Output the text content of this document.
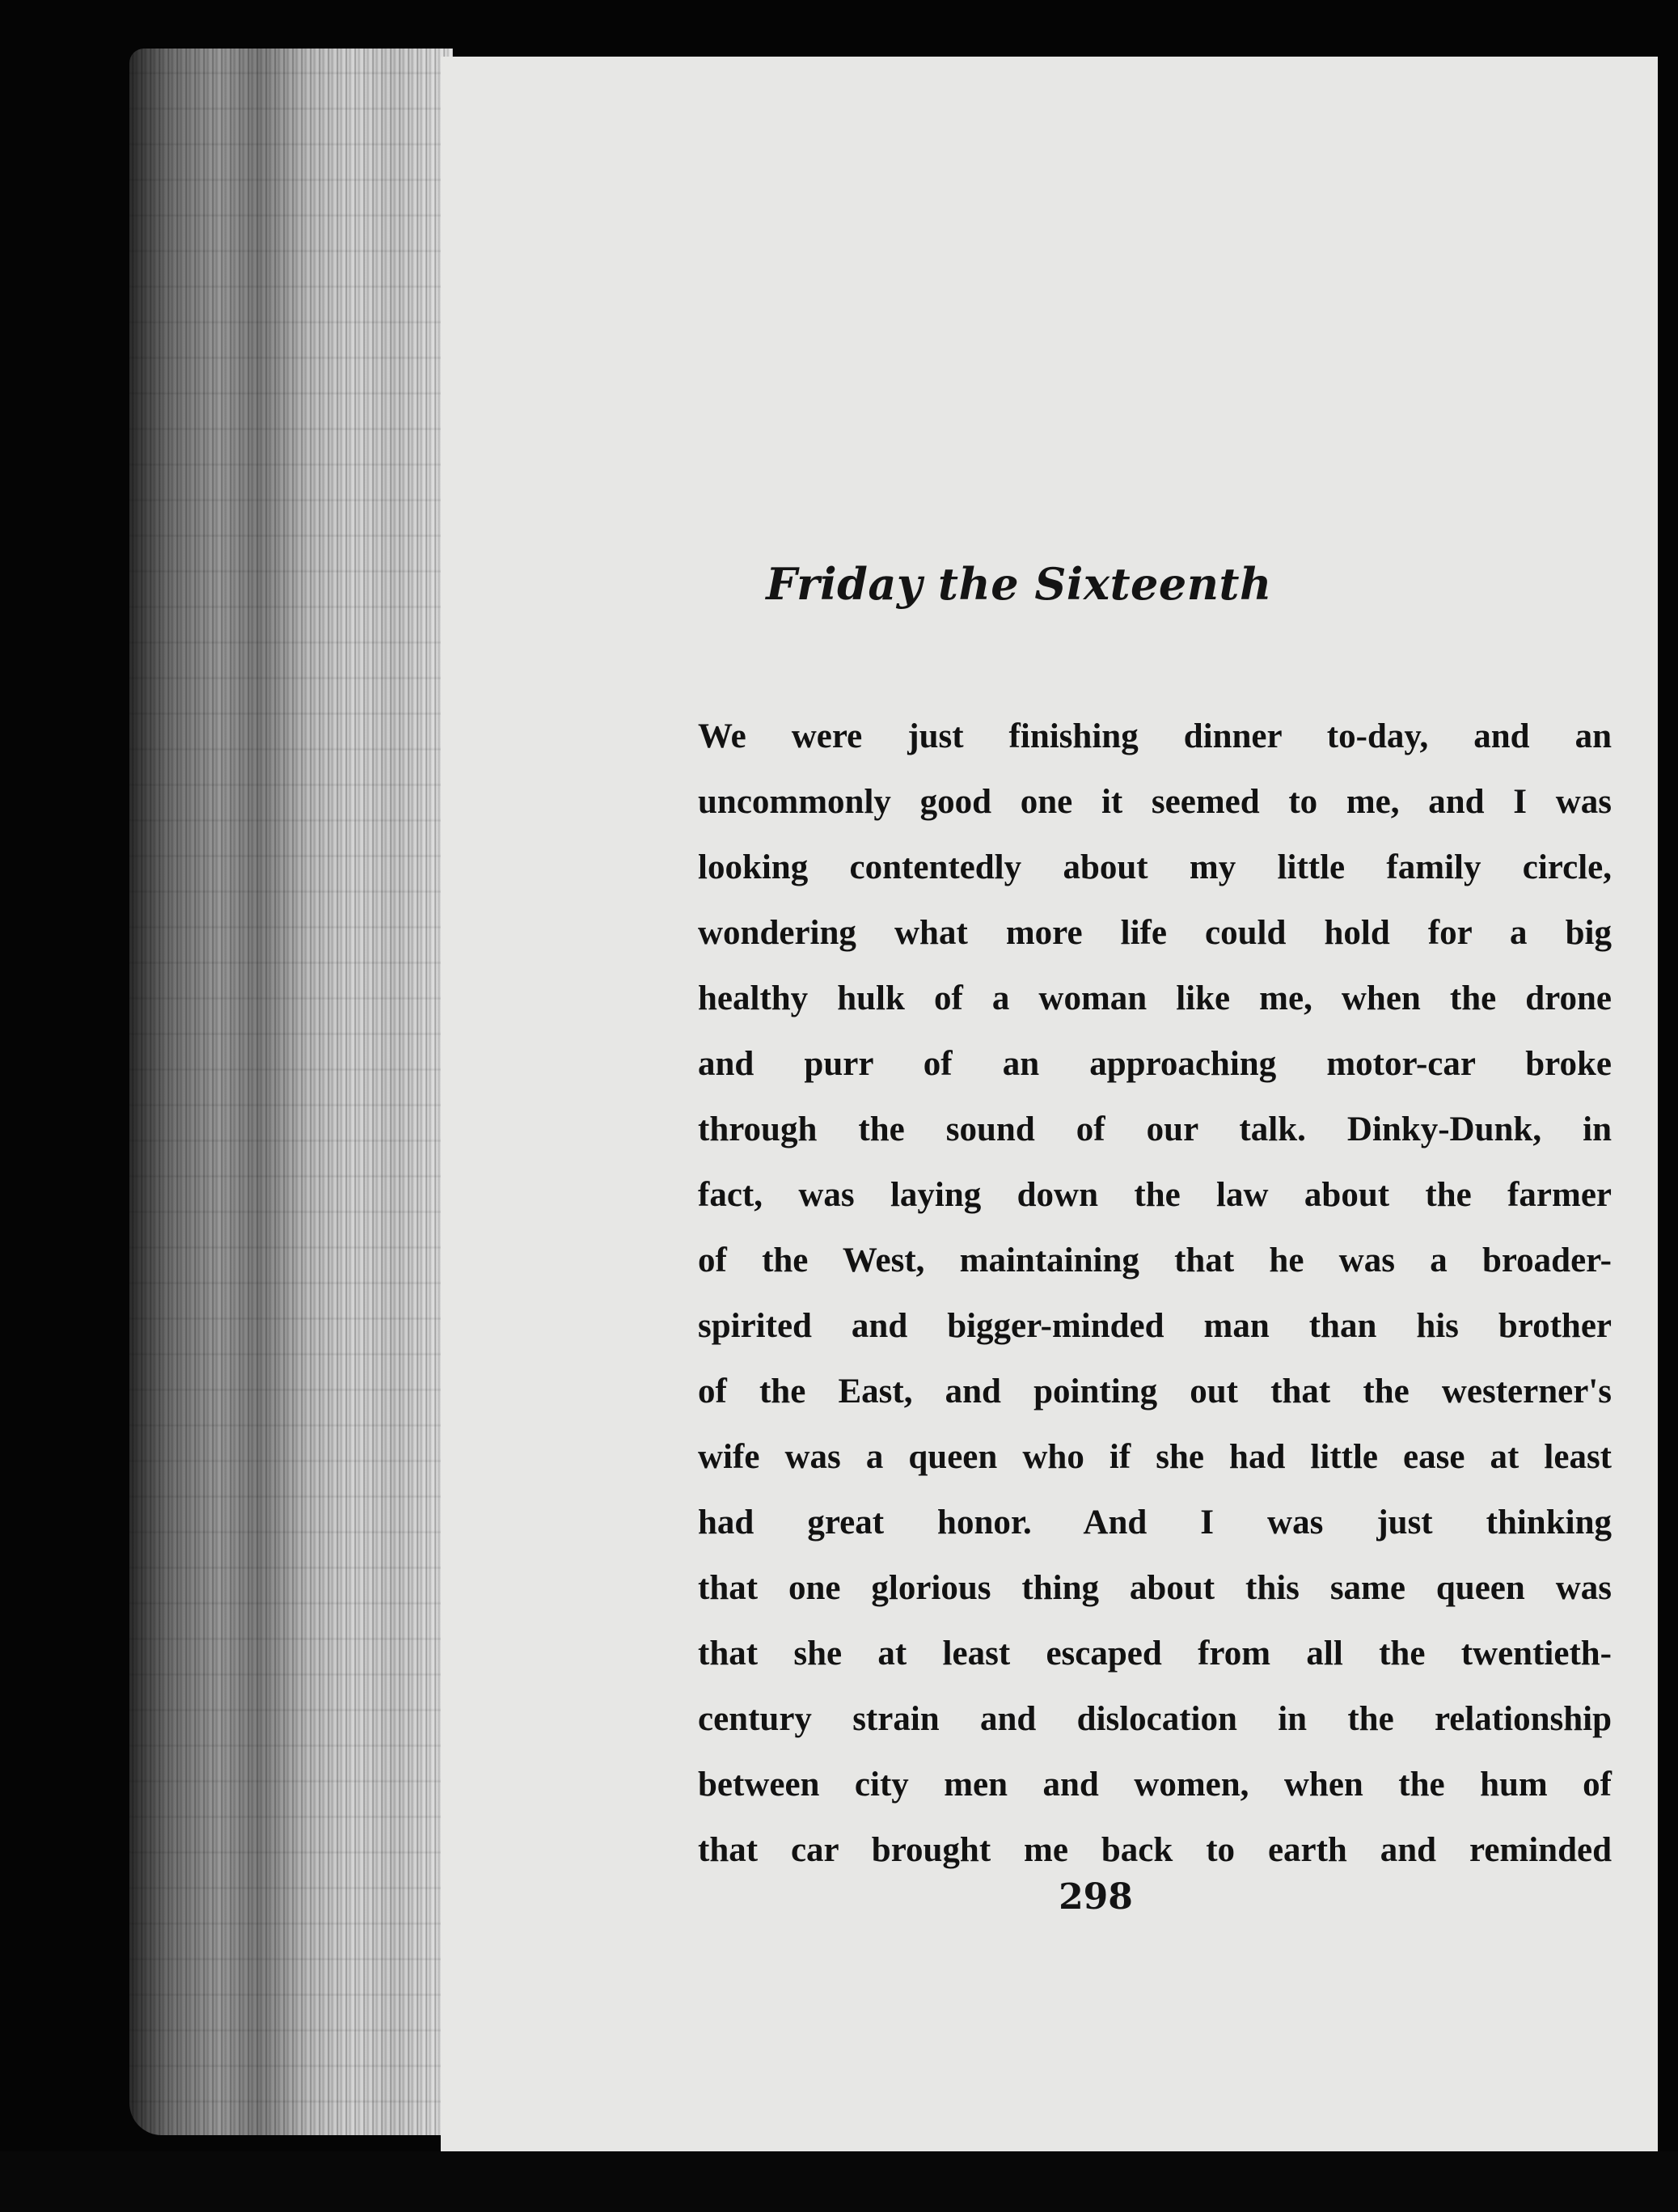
Friday the Sixteenth
We were just finishing dinner to-day, and an
uncommonly good one it seemed to me, and I was
looking contentedly about my little family circle,
wondering what more life could hold for a big
healthy hulk of a woman like me, when the drone
and purr of an approaching motor-car broke
through the sound of our talk. Dinky-Dunk, in
fact, was laying down the law about the farmer
of the West, maintaining that he was a broader-
spirited and bigger-minded man than his brother
of the East, and pointing out that the westerner's
wife was a queen who if she had little ease at least
had great honor. And I was just thinking
that one glorious thing about this same queen was
that she at least escaped from all the twentieth-
century strain and dislocation in the relationship
between city men and women, when the hum of
that car brought me back to earth and reminded
298
